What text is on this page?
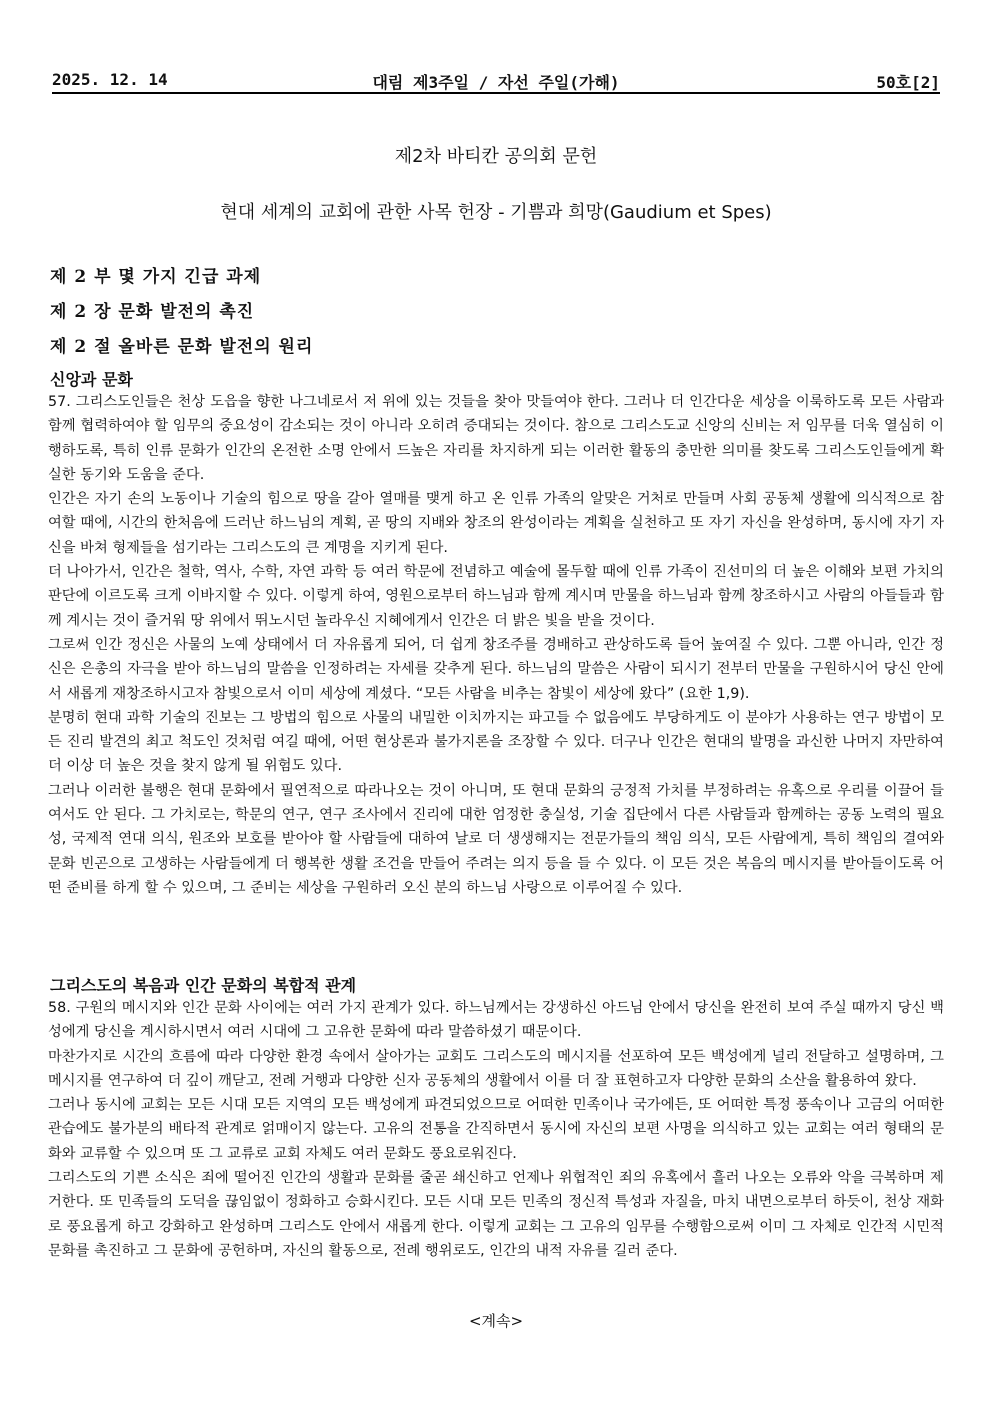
2025. 12. 14	대림 제3주일 / 자선 주일(가해)	50호[2]
제2차 바티칸 공의회 문헌
현대 세계의 교회에 관한 사목 헌장 - 기쁨과 희망(Gaudium et Spes)
제 2 부 몇 가지 긴급 과제
제 2 장 문화 발전의 촉진
제 2 절 올바른 문화 발전의 원리
신앙과 문화

57. 그리스도인들은 천상 도읍을 향한 나그네로서 저 위에 있는 것들을 찾아 맛들여야 한다. 그러나 더 인간다운 세상을 이룩하도록 모든 사람과 함께 협력하여야 할 임무의 중요성이 감소되는 것이 아니라 오히려 증대되는 것이다. 참으로 그리스도교 신앙의 신비는 저 임무를 더욱 열심히 이행하도록, 특히 인류 문화가 인간의 온전한 소명 안에서 드높은 자리를 차지하게 되는 이러한 활동의 충만한 의미를 찾도록 그리스도인들에게 확실한 동기와 도움을 준다.

인간은 자기 손의 노동이나 기술의 힘으로 땅을 갈아 열매를 맺게 하고 온 인류 가족의 알맞은 거처로 만들며 사회 공동체 생활에 의식적으로 참여할 때에, 시간의 한처음에 드러난 하느님의 계획, 곧 땅의 지배와 창조의 완성이라는 계획을 실천하고 또 자기 자신을 완성하며, 동시에 자기 자신을 바쳐 형제들을 섬기라는 그리스도의 큰 계명을 지키게 된다.

더 나아가서, 인간은 철학, 역사, 수학, 자연 과학 등 여러 학문에 전념하고 예술에 몰두할 때에 인류 가족이 진선미의 더 높은 이해와 보편 가치의 판단에 이르도록 크게 이바지할 수 있다. 이렇게 하여, 영원으로부터 하느님과 함께 계시며 만물을 하느님과 함께 창조하시고 사람의 아들들과 함께 계시는 것이 즐거워 땅 위에서 뛰노시던 놀라우신 지혜에게서 인간은 더 밝은 빛을 받을 것이다.

그로써 인간 정신은 사물의 노예 상태에서 더 자유롭게 되어, 더 쉽게 창조주를 경배하고 관상하도록 들어 높여질 수 있다. 그뿐 아니라, 인간 정신은 은총의 자극을 받아 하느님의 말씀을 인정하려는 자세를 갖추게 된다. 하느님의 말씀은 사람이 되시기 전부터 만물을 구원하시어 당신 안에서 새롭게 재창조하시고자 참빛으로서 이미 세상에 계셨다. “모든 사람을 비추는 참빛이 세상에 왔다” (요한 1,9).

분명히 현대 과학 기술의 진보는 그 방법의 힘으로 사물의 내밀한 이치까지는 파고들 수 없음에도 부당하게도 이 분야가 사용하는 연구 방법이 모든 진리 발견의 최고 척도인 것처럼 여길 때에, 어떤 현상론과 불가지론을 조장할 수 있다. 더구나 인간은 현대의 발명을 과신한 나머지 자만하여 더 이상 더 높은 것을 찾지 않게 될 위험도 있다.

그러나 이러한 불행은 현대 문화에서 필연적으로 따라나오는 것이 아니며, 또 현대 문화의 긍정적 가치를 부정하려는 유혹으로 우리를 이끌어 들여서도 안 된다. 그 가치로는, 학문의 연구, 연구 조사에서 진리에 대한 엄정한 충실성, 기술 집단에서 다른 사람들과 함께하는 공동 노력의 필요성, 국제적 연대 의식, 원조와 보호를 받아야 할 사람들에 대하여 날로 더 생생해지는 전문가들의 책임 의식, 모든 사람에게, 특히 책임의 결여와 문화 빈곤으로 고생하는 사람들에게 더 행복한 생활 조건을 만들어 주려는 의지 등을 들 수 있다. 이 모든 것은 복음의 메시지를 받아들이도록 어떤 준비를 하게 할 수 있으며, 그 준비는 세상을 구원하러 오신 분의 하느님 사랑으로 이루어질 수 있다.

그리스도의 복음과 인간 문화의 복합적 관계

58. 구원의 메시지와 인간 문화 사이에는 여러 가지 관계가 있다. 하느님께서는 강생하신 아드님 안에서 당신을 완전히 보여 주실 때까지 당신 백성에게 당신을 계시하시면서 여러 시대에 그 고유한 문화에 따라 말씀하셨기 때문이다.

마찬가지로 시간의 흐름에 따라 다양한 환경 속에서 살아가는 교회도 그리스도의 메시지를 선포하여 모든 백성에게 널리 전달하고 설명하며, 그 메시지를 연구하여 더 깊이 깨닫고, 전례 거행과 다양한 신자 공동체의 생활에서 이를 더 잘 표현하고자 다양한 문화의 소산을 활용하여 왔다.

그러나 동시에 교회는 모든 시대 모든 지역의 모든 백성에게 파견되었으므로 어떠한 민족이나 국가에든, 또 어떠한 특정 풍속이나 고금의 어떠한 관습에도 불가분의 배타적 관계로 얽매이지 않는다. 고유의 전통을 간직하면서 동시에 자신의 보편 사명을 의식하고 있는 교회는 여러 형태의 문화와 교류할 수 있으며 또 그 교류로 교회 자체도 여러 문화도 풍요로워진다.

그리스도의 기쁜 소식은 죄에 떨어진 인간의 생활과 문화를 줄곧 쇄신하고 언제나 위협적인 죄의 유혹에서 흘러 나오는 오류와 악을 극복하며 제거한다. 또 민족들의 도덕을 끊임없이 정화하고 승화시킨다. 모든 시대 모든 민족의 정신적 특성과 자질을, 마치 내면으로부터 하듯이, 천상 재화로 풍요롭게 하고 강화하고 완성하며 그리스도 안에서 새롭게 한다. 이렇게 교회는 그 고유의 임무를 수행함으로써 이미 그 자체로 인간적 시민적 문화를 촉진하고 그 문화에 공헌하며, 자신의 활동으로, 전례 행위로도, 인간의 내적 자유를 길러 준다.

<계속>
